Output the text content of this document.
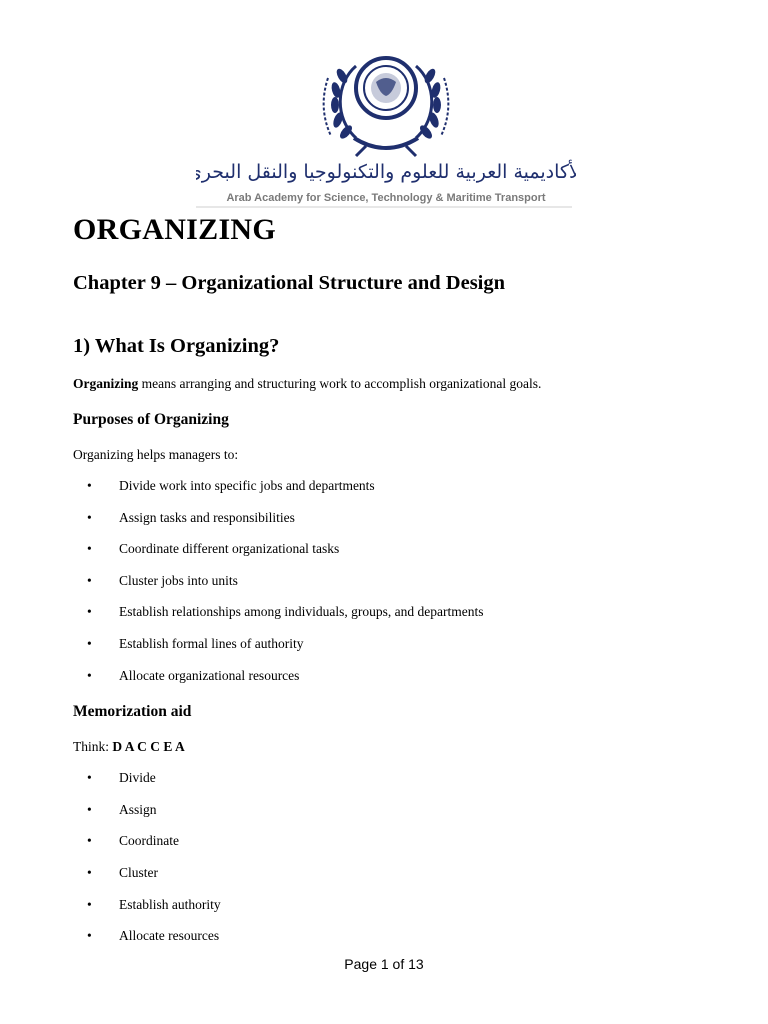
الأكاديمية العربية للعلوم والتكنولوجيا والنقل البحري
Arab Academy for Science, Technology & Maritime Transport
ORGANIZING
Chapter 9 – Organizational Structure and Design
1) What Is Organizing?

Organizing means arranging and structuring work to accomplish organizational goals.

Purposes of Organizing

Organizing helps managers to:

• Divide work into specific jobs and departments
• Assign tasks and responsibilities
• Coordinate different organizational tasks
• Cluster jobs into units
• Establish relationships among individuals, groups, and departments
• Establish formal lines of authority
• Allocate organizational resources
Memorization aid

Think: D A C C E A

• Divide
• Assign
• Coordinate
• Cluster
• Establish authority
• Allocate resources
Page 1 of 13
